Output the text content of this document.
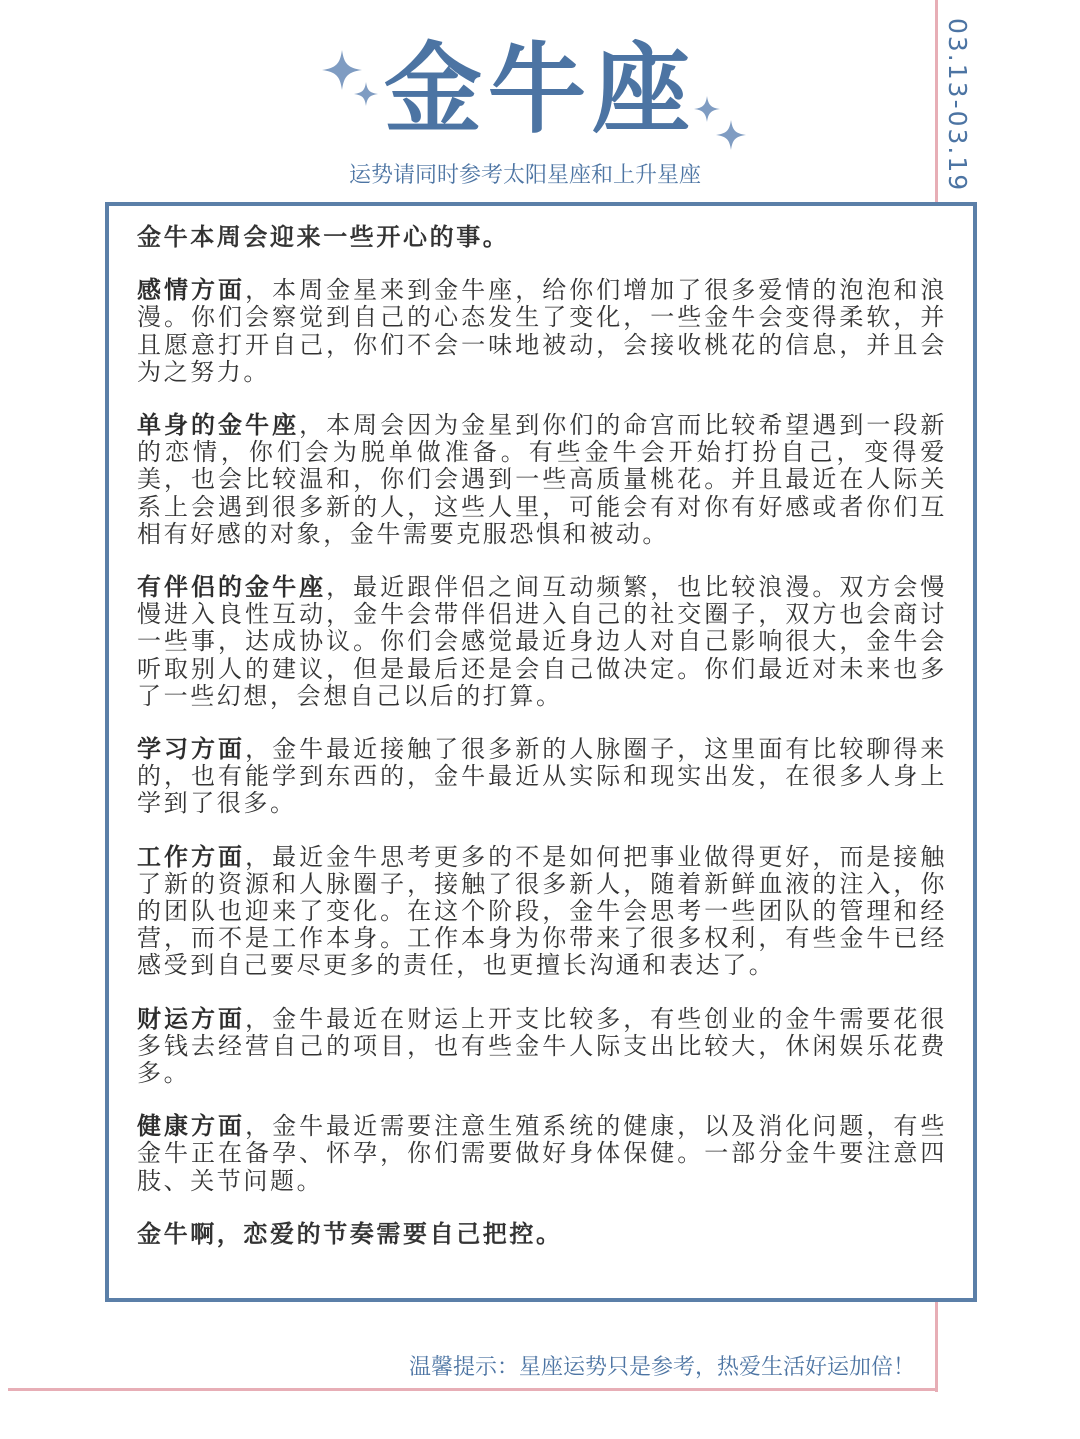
金牛座
运势请同时参考太阳星座和上升星座	03.13-03.19

金牛本周会迎来一些开心的事。

感情方面，本周金星来到金牛座，给你们增加了很多爱情的泡泡和浪漫。你们会察觉到自己的心态发生了变化，一些金牛会变得柔软，并且愿意打开自己，你们不会一味地被动，会接收桃花的信息，并且会为之努力。

单身的金牛座，本周会因为金星到你们的命宫而比较希望遇到一段新的恋情，你们会为脱单做准备。有些金牛会开始打扮自己，变得爱美，也会比较温和，你们会遇到一些高质量桃花。并且最近在人际关系上会遇到很多新的人，这些人里，可能会有对你有好感或者你们互相有好感的对象，金牛需要克服恐惧和被动。

有伴侣的金牛座，最近跟伴侣之间互动频繁，也比较浪漫。双方会慢慢进入良性互动，金牛会带伴侣进入自己的社交圈子，双方也会商讨一些事，达成协议。你们会感觉最近身边人对自己影响很大，金牛会听取别人的建议，但是最后还是会自己做决定。你们最近对未来也多了一些幻想，会想自己以后的打算。

学习方面，金牛最近接触了很多新的人脉圈子，这里面有比较聊得来的，也有能学到东西的，金牛最近从实际和现实出发，在很多人身上学到了很多。

工作方面，最近金牛思考更多的不是如何把事业做得更好，而是接触了新的资源和人脉圈子，接触了很多新人，随着新鲜血液的注入，你的团队也迎来了变化。在这个阶段，金牛会思考一些团队的管理和经营，而不是工作本身。工作本身为你带来了很多权利，有些金牛已经感受到自己要尽更多的责任，也更擅长沟通和表达了。

财运方面，金牛最近在财运上开支比较多，有些创业的金牛需要花很多钱去经营自己的项目，也有些金牛人际支出比较大，休闲娱乐花费多。

健康方面，金牛最近需要注意生殖系统的健康，以及消化问题，有些金牛正在备孕、怀孕，你们需要做好身体保健。一部分金牛要注意四肢、关节问题。

金牛啊，恋爱的节奏需要自己把控。

温馨提示：星座运势只是参考，热爱生活好运加倍！
